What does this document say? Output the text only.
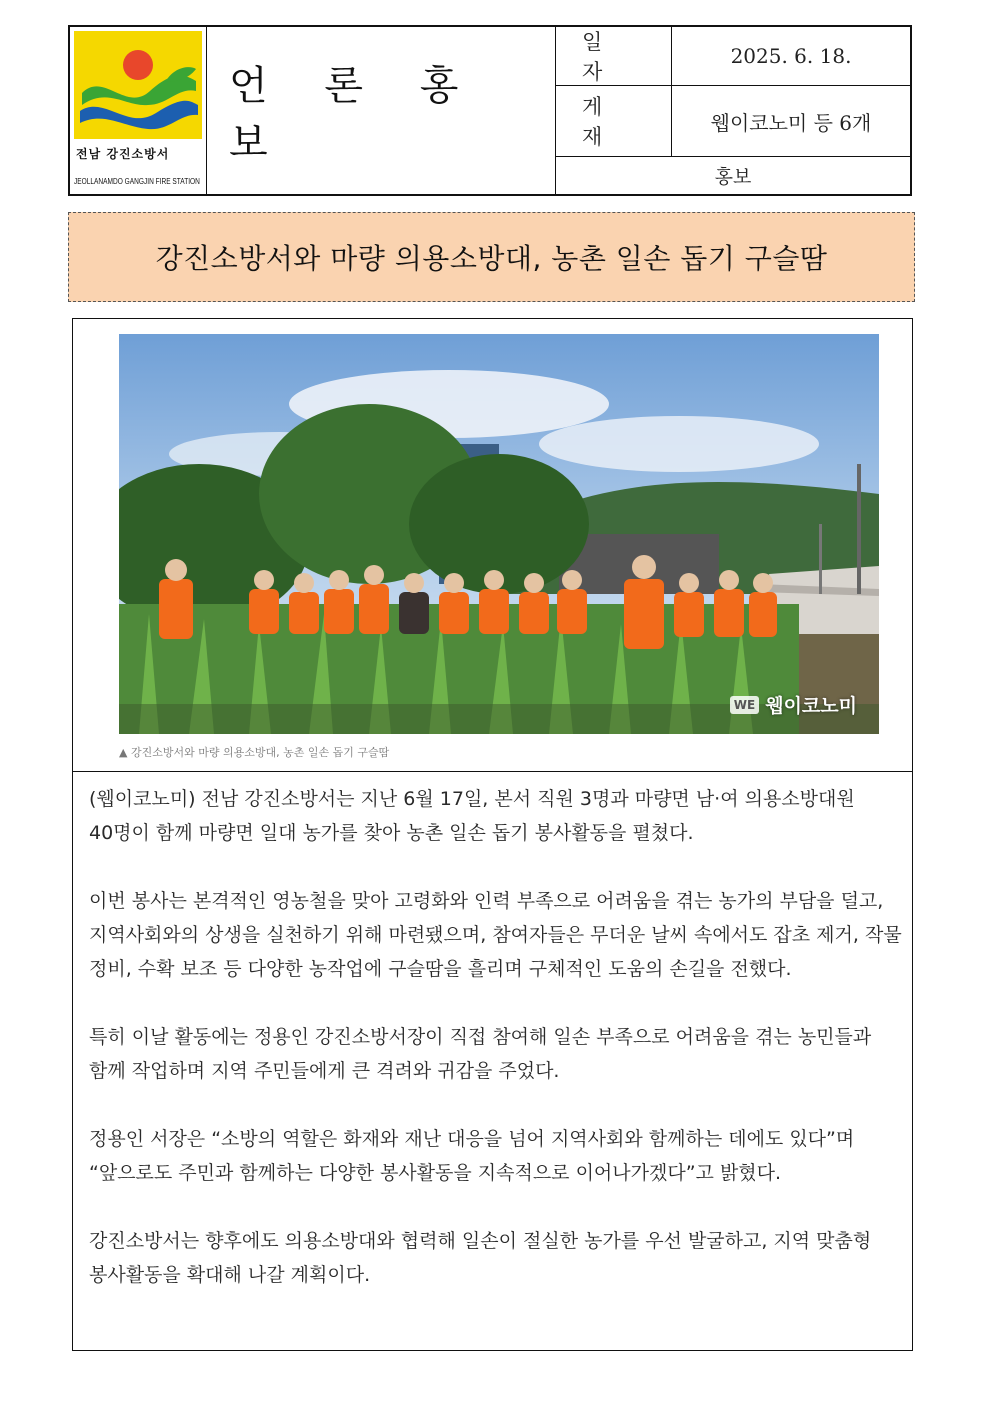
전남 강진소방서
JEOLLANAMDO GANGJIN FIRE STATION
언 론 홍 보
일 자
2025. 6. 18.
게 재
웹이코노미 등 6개
홍보
강진소방서와 마량 의용소방대, 농촌 일손 돕기 구슬땀
WE 웹이코노미
▲ 강진소방서와 마량 의용소방대, 농촌 일손 돕기 구슬땀

(웹이코노미) 전남 강진소방서는 지난 6월 17일, 본서 직원 3명과 마량면 남·여 의용소방대원 40명이 함께 마량면 일대 농가를 찾아 농촌 일손 돕기 봉사활동을 펼쳤다.

이번 봉사는 본격적인 영농철을 맞아 고령화와 인력 부족으로 어려움을 겪는 농가의 부담을 덜고, 지역사회와의 상생을 실천하기 위해 마련됐으며, 참여자들은 무더운 날씨 속에서도 잡초 제거, 작물 정비, 수확 보조 등 다양한 농작업에 구슬땀을 흘리며 구체적인 도움의 손길을 전했다.

특히 이날 활동에는 정용인 강진소방서장이 직접 참여해 일손 부족으로 어려움을 겪는 농민들과 함께 작업하며 지역 주민들에게 큰 격려와 귀감을 주었다.

정용인 서장은 “소방의 역할은 화재와 재난 대응을 넘어 지역사회와 함께하는 데에도 있다”며 “앞으로도 주민과 함께하는 다양한 봉사활동을 지속적으로 이어나가겠다”고 밝혔다.

강진소방서는 향후에도 의용소방대와 협력해 일손이 절실한 농가를 우선 발굴하고, 지역 맞춤형 봉사활동을 확대해 나갈 계획이다.
